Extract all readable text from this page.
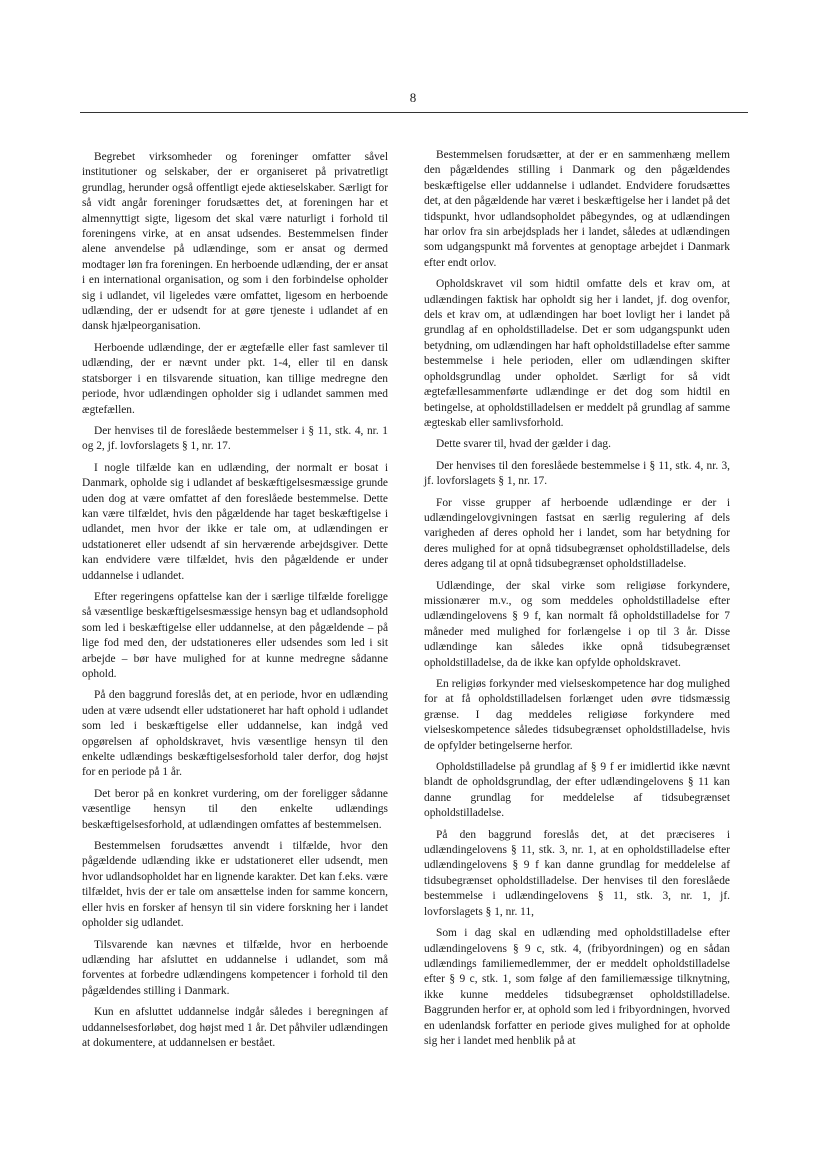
8

Begrebet virksomheder og foreninger omfatter såvel institutioner og selskaber, der er organiseret på privatretligt grundlag, herunder også offentligt ejede aktieselskaber. Særligt for så vidt angår foreninger forudsættes det, at foreningen har et almennyttigt sigte, ligesom det skal være naturligt i forhold til foreningens virke, at en ansat udsendes. Bestemmelsen finder alene anvendelse på udlændinge, som er ansat og dermed modtager løn fra foreningen. En herboende udlænding, der er ansat i en international organisation, og som i den forbindelse opholder sig i udlandet, vil ligeledes være omfattet, ligesom en herboende udlænding, der er udsendt for at gøre tjeneste i udlandet af en dansk hjælpeorganisation.

Herboende udlændinge, der er ægtefælle eller fast samlever til udlænding, der er nævnt under pkt. 1-4, eller til en dansk statsborger i en tilsvarende situation, kan tillige medregne den periode, hvor udlændingen opholder sig i udlandet sammen med ægtefællen.

Der henvises til de foreslåede bestemmelser i § 11, stk. 4, nr. 1 og 2, jf. lovforslagets § 1, nr. 17.

I nogle tilfælde kan en udlænding, der normalt er bosat i Danmark, opholde sig i udlandet af beskæftigelsesmæssige grunde uden dog at være omfattet af den foreslåede bestemmelse. Dette kan være tilfældet, hvis den pågældende har taget beskæftigelse i udlandet, men hvor der ikke er tale om, at udlændingen er udstationeret eller udsendt af sin herværende arbejdsgiver. Dette kan endvidere være tilfældet, hvis den pågældende er under uddannelse i udlandet.

Efter regeringens opfattelse kan der i særlige tilfælde foreligge så væsentlige beskæftigelsesmæssige hensyn bag et udlandsophold som led i beskæftigelse eller uddannelse, at den pågældende – på lige fod med den, der udstationeres eller udsendes som led i sit arbejde – bør have mulighed for at kunne medregne sådanne ophold.

På den baggrund foreslås det, at en periode, hvor en udlænding uden at være udsendt eller udstationeret har haft ophold i udlandet som led i beskæftigelse eller uddannelse, kan indgå ved opgørelsen af opholdskravet, hvis væsentlige hensyn til den enkelte udlændings beskæftigelsesforhold taler derfor, dog højst for en periode på 1 år.

Det beror på en konkret vurdering, om der foreligger sådanne væsentlige hensyn til den enkelte udlændings beskæftigelsesforhold, at udlændingen omfattes af bestemmelsen.

Bestemmelsen forudsættes anvendt i tilfælde, hvor den pågældende udlænding ikke er udstationeret eller udsendt, men hvor udlandsopholdet har en lignende karakter. Det kan f.eks. være tilfældet, hvis der er tale om ansættelse inden for samme koncern, eller hvis en forsker af hensyn til sin videre forskning her i landet opholder sig udlandet.

Tilsvarende kan nævnes et tilfælde, hvor en herboende udlænding har afsluttet en uddannelse i udlandet, som må forventes at forbedre udlændingens kompetencer i forhold til den pågældendes stilling i Danmark.

Kun en afsluttet uddannelse indgår således i beregningen af uddannelsesforløbet, dog højst med 1 år. Det påhviler udlændingen at dokumentere, at uddannelsen er bestået.

Bestemmelsen forudsætter, at der er en sammenhæng mellem den pågældendes stilling i Danmark og den pågældendes beskæftigelse eller uddannelse i udlandet. Endvidere forudsættes det, at den pågældende har været i beskæftigelse her i landet på det tidspunkt, hvor udlandsopholdet påbegyndes, og at udlændingen har orlov fra sin arbejdsplads her i landet, således at udlændingen som udgangspunkt må forventes at genoptage arbejdet i Danmark efter endt orlov.

Opholdskravet vil som hidtil omfatte dels et krav om, at udlændingen faktisk har opholdt sig her i landet, jf. dog ovenfor, dels et krav om, at udlændingen har boet lovligt her i landet på grundlag af en opholdstilladelse. Det er som udgangspunkt uden betydning, om udlændingen har haft opholdstilladelse efter samme bestemmelse i hele perioden, eller om udlændingen skifter opholdsgrundlag under opholdet. Særligt for så vidt ægtefællesammenførte udlændinge er det dog som hidtil en betingelse, at opholdstilladelsen er meddelt på grundlag af samme ægteskab eller samlivsforhold.

Dette svarer til, hvad der gælder i dag.

Der henvises til den foreslåede bestemmelse i § 11, stk. 4, nr. 3, jf. lovforslagets § 1, nr. 17.

For visse grupper af herboende udlændinge er der i udlændingelovgivningen fastsat en særlig regulering af dels varigheden af deres ophold her i landet, som har betydning for deres mulighed for at opnå tidsubegrænset opholdstilladelse, dels deres adgang til at opnå tidsubegrænset opholdstilladelse.

Udlændinge, der skal virke som religiøse forkyndere, missionærer m.v., og som meddeles opholdstilladelse efter udlændingelovens § 9 f, kan normalt få opholdstilladelse for 7 måneder med mulighed for forlængelse i op til 3 år. Disse udlændinge kan således ikke opnå tidsubegrænset opholdstilladelse, da de ikke kan opfylde opholdskravet.

En religiøs forkynder med vielseskompetence har dog mulighed for at få opholdstilladelsen forlænget uden øvre tidsmæssig grænse. I dag meddeles religiøse forkyndere med vielseskompetence således tidsubegrænset opholdstilladelse, hvis de opfylder betingelserne herfor.

Opholdstilladelse på grundlag af § 9 f er imidlertid ikke nævnt blandt de opholdsgrundlag, der efter udlændingelovens § 11 kan danne grundlag for meddelelse af tidsubegrænset opholdstilladelse.

På den baggrund foreslås det, at det præciseres i udlændingelovens § 11, stk. 3, nr. 1, at en opholdstilladelse efter udlændingelovens § 9 f kan danne grundlag for meddelelse af tidsubegrænset opholdstilladelse. Der henvises til den foreslåede bestemmelse i udlændingelovens § 11, stk. 3, nr. 1, jf. lovforslagets § 1, nr. 11,

Som i dag skal en udlænding med opholdstilladelse efter udlændingelovens § 9 c, stk. 4, (fribyordningen) og en sådan udlændings familiemedlemmer, der er meddelt opholdstilladelse efter § 9 c, stk. 1, som følge af den familiemæssige tilknytning, ikke kunne meddeles tidsubegrænset opholdstilladelse. Baggrunden herfor er, at ophold som led i fribyordningen, hvorved en udenlandsk forfatter en periode gives mulighed for at opholde sig her i landet med henblik på at
